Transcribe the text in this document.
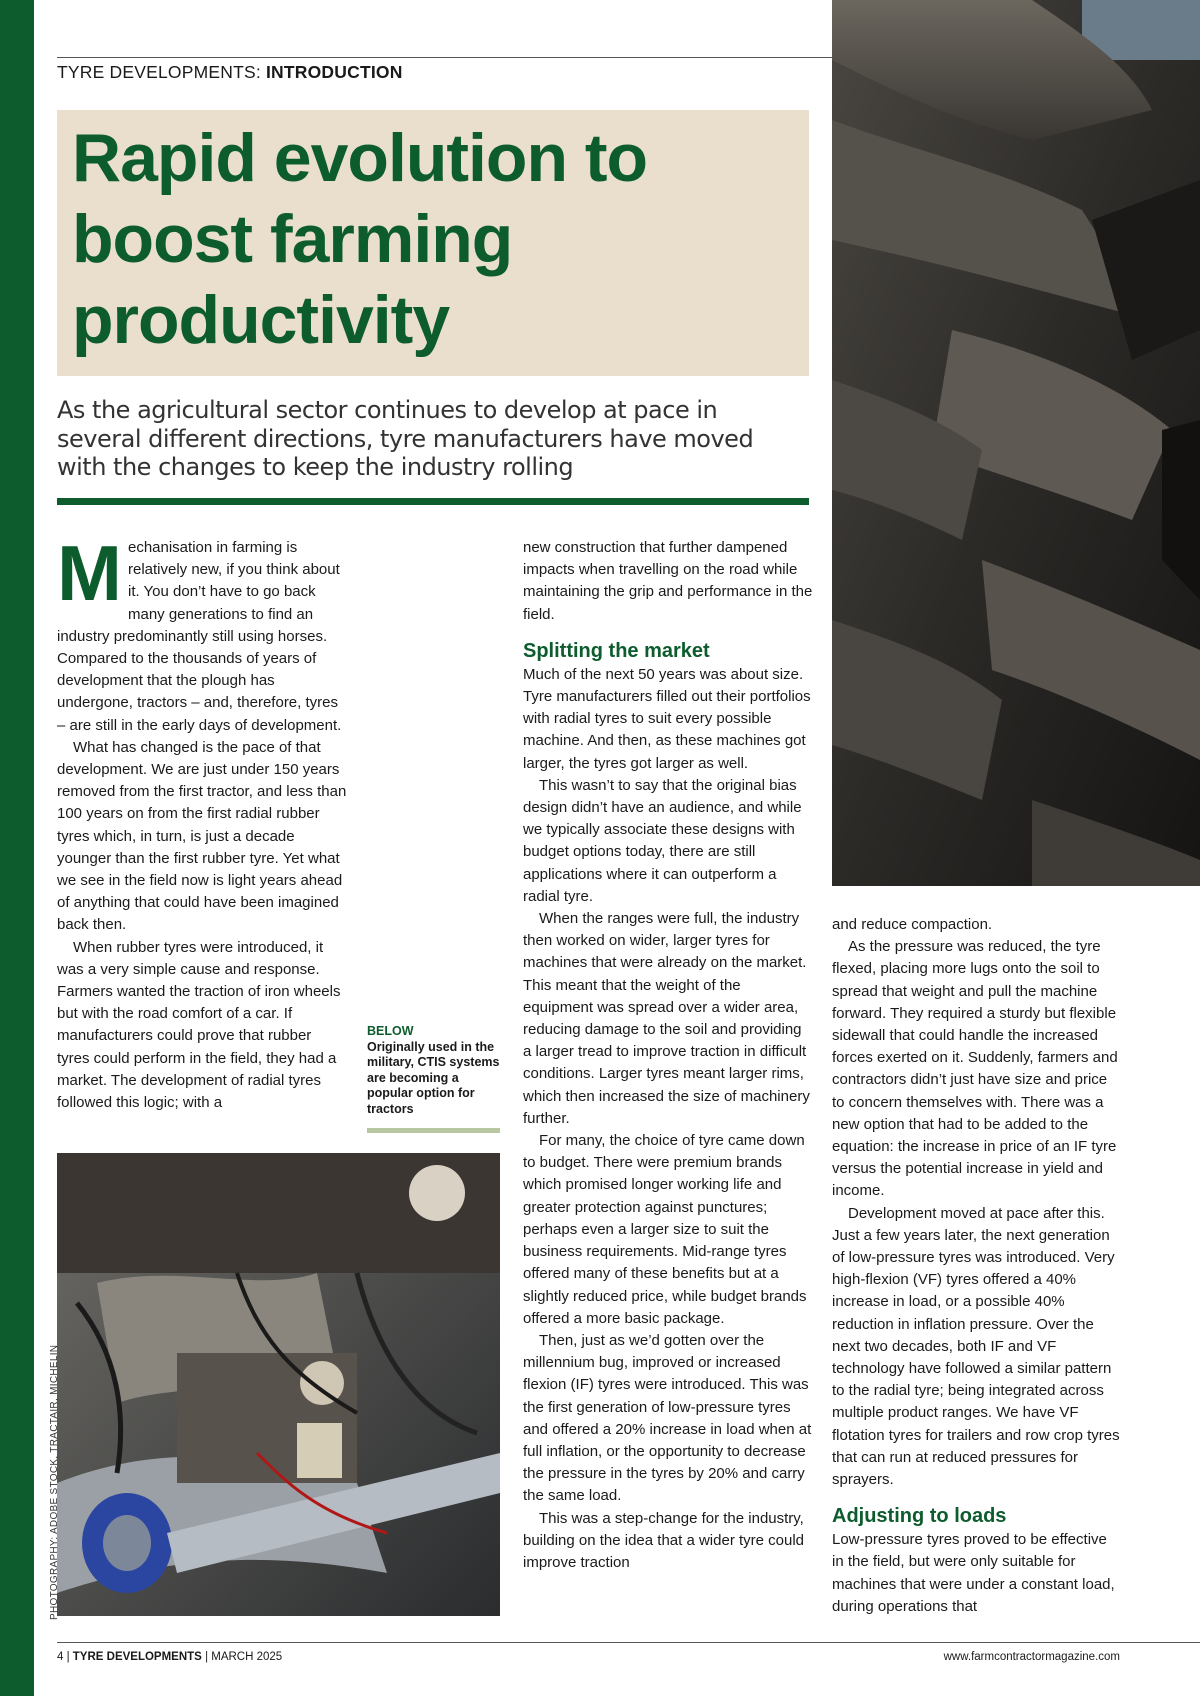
TYRE DEVELOPMENTS: INTRODUCTION
Rapid evolution to boost farming productivity
As the agricultural sector continues to develop at pace in several different directions, tyre manufacturers have moved with the changes to keep the industry rolling
M echanisation in farming is relatively new, if you think about it. You don’t have to go back many generations to find an industry predominantly still using horses. Compared to the thousands of years of development that the plough has undergone, tractors – and, therefore, tyres – are still in the early days of development.

What has changed is the pace of that development. We are just under 150 years removed from the first tractor, and less than 100 years on from the first radial rubber tyres which, in turn, is just a decade younger than the first rubber tyre. Yet what we see in the field now is light years ahead of anything that could have been imagined back then.

When rubber tyres were introduced, it was a very simple cause and response. Farmers wanted the traction of iron wheels but with the road comfort of a car. If manufacturers could prove that rubber tyres could perform in the field, they had a market. The development of radial tyres followed this logic; with a

BELOW
Originally used in the military, CTIS systems are becoming a popular option for tractors
PHOTOGRAPHY: ADOBE STOCK, TRACTAIR, MICHELIN

new construction that further dampened impacts when travelling on the road while maintaining the grip and performance in the field.

Splitting the market

Much of the next 50 years was about size. Tyre manufacturers filled out their portfolios with radial tyres to suit every possible machine. And then, as these machines got larger, the tyres got larger as well.

This wasn’t to say that the original bias design didn’t have an audience, and while we typically associate these designs with budget options today, there are still applications where it can outperform a radial tyre.

When the ranges were full, the industry then worked on wider, larger tyres for machines that were already on the market. This meant that the weight of the equipment was spread over a wider area, reducing damage to the soil and providing a larger tread to improve traction in difficult conditions. Larger tyres meant larger rims, which then increased the size of machinery further.

For many, the choice of tyre came down to budget. There were premium brands which promised longer working life and greater protection against punctures; perhaps even a larger size to suit the business requirements. Mid-range tyres offered many of these benefits but at a slightly reduced price, while budget brands offered a more basic package.

Then, just as we’d gotten over the millennium bug, improved or increased flexion (IF) tyres were introduced. This was the first generation of low-pressure tyres and offered a 20% increase in load when at full inflation, or the opportunity to decrease the pressure in the tyres by 20% and carry the same load.

This was a step-change for the industry, building on the idea that a wider tyre could improve traction

and reduce compaction.

As the pressure was reduced, the tyre flexed, placing more lugs onto the soil to spread that weight and pull the machine forward. They required a sturdy but flexible sidewall that could handle the increased forces exerted on it. Suddenly, farmers and contractors didn’t just have size and price to concern themselves with. There was a new option that had to be added to the equation: the increase in price of an IF tyre versus the potential increase in yield and income.

Development moved at pace after this. Just a few years later, the next generation of low-pressure tyres was introduced. Very high-flexion (VF) tyres offered a 40% increase in load, or a possible 40% reduction in inflation pressure. Over the next two decades, both IF and VF technology have followed a similar pattern to the radial tyre; being integrated across multiple product ranges. We have VF flotation tyres for trailers and row crop tyres that can run at reduced pressures for sprayers.

Adjusting to loads

Low-pressure tyres proved to be effective in the field, but were only suitable for machines that were under a constant load, during operations that

4 | TYRE DEVELOPMENTS | MARCH 2025	www.farmcontractormagazine.com
